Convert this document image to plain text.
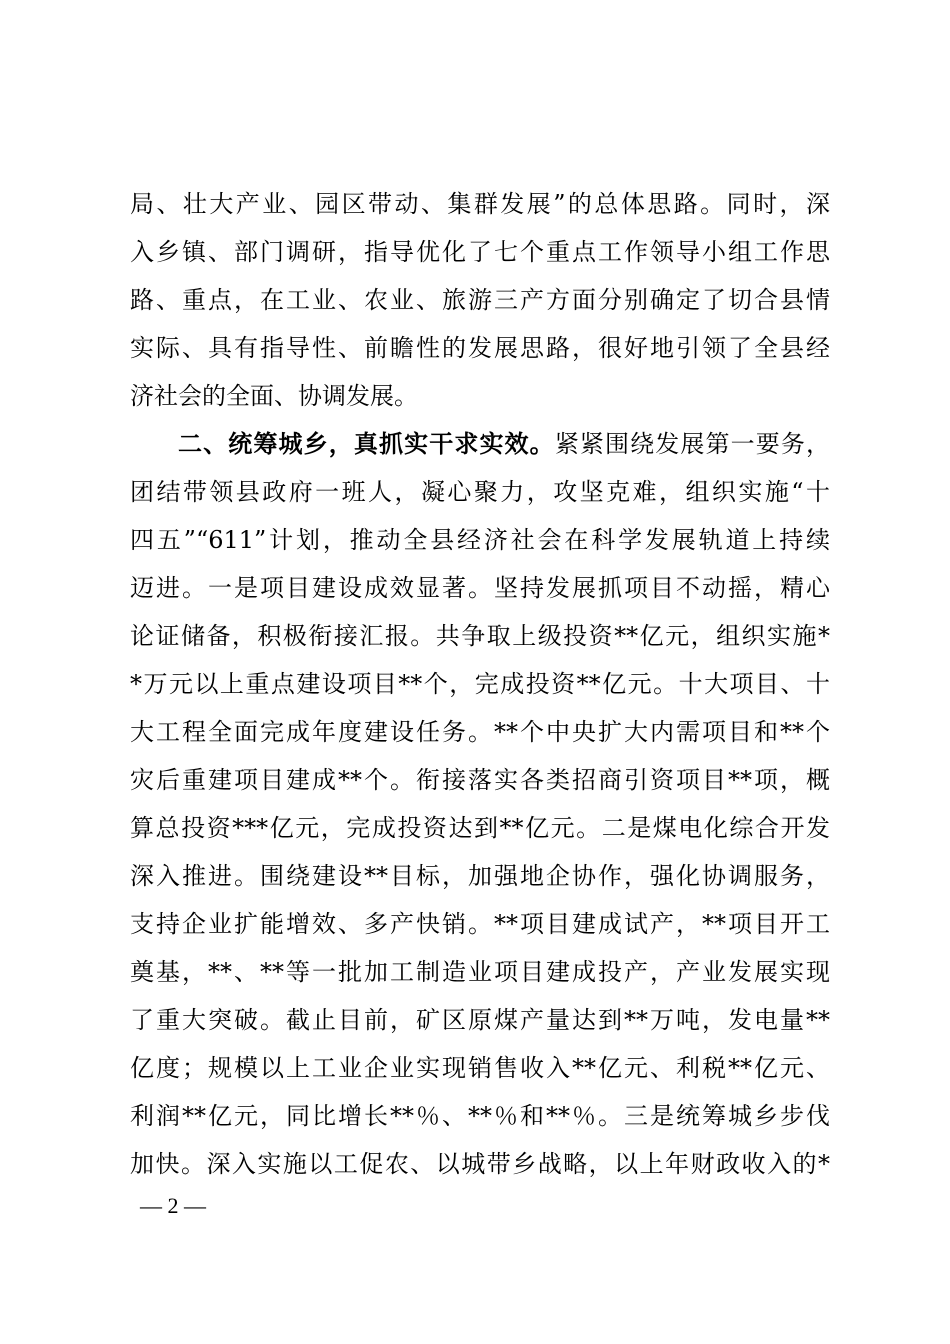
局、壮大产业、园区带动、集群发展”的总体思路。同时，深
入乡镇、部门调研，指导优化了七个重点工作领导小组工作思
路、重点，在工业、农业、旅游三产方面分别确定了切合县情
实际、具有指导性、前瞻性的发展思路，很好地引领了全县经
济社会的全面、协调发展。
二、统筹城乡，真抓实干求实效。紧紧围绕发展第一要务，
团结带领县政府一班人，凝心聚力，攻坚克难，组织实施“十
四五”“611”计划，推动全县经济社会在科学发展轨道上持续
迈进。一是项目建设成效显著。坚持发展抓项目不动摇，精心
论证储备，积极衔接汇报。共争取上级投资**亿元，组织实施*
*万元以上重点建设项目**个，完成投资**亿元。十大项目、十
大工程全面完成年度建设任务。**个中央扩大内需项目和**个
灾后重建项目建成**个。衔接落实各类招商引资项目**项，概
算总投资***亿元，完成投资达到**亿元。二是煤电化综合开发
深入推进。围绕建设**目标，加强地企协作，强化协调服务，
支持企业扩能增效、多产快销。**项目建成试产，**项目开工
奠基，**、**等一批加工制造业项目建成投产，产业发展实现
了重大突破。截止目前，矿区原煤产量达到**万吨，发电量**
亿度；规模以上工业企业实现销售收入**亿元、利税**亿元、
利润**亿元，同比增长**％、**％和**％。三是统筹城乡步伐
加快。深入实施以工促农、以城带乡战略，以上年财政收入的*
— 2 —
